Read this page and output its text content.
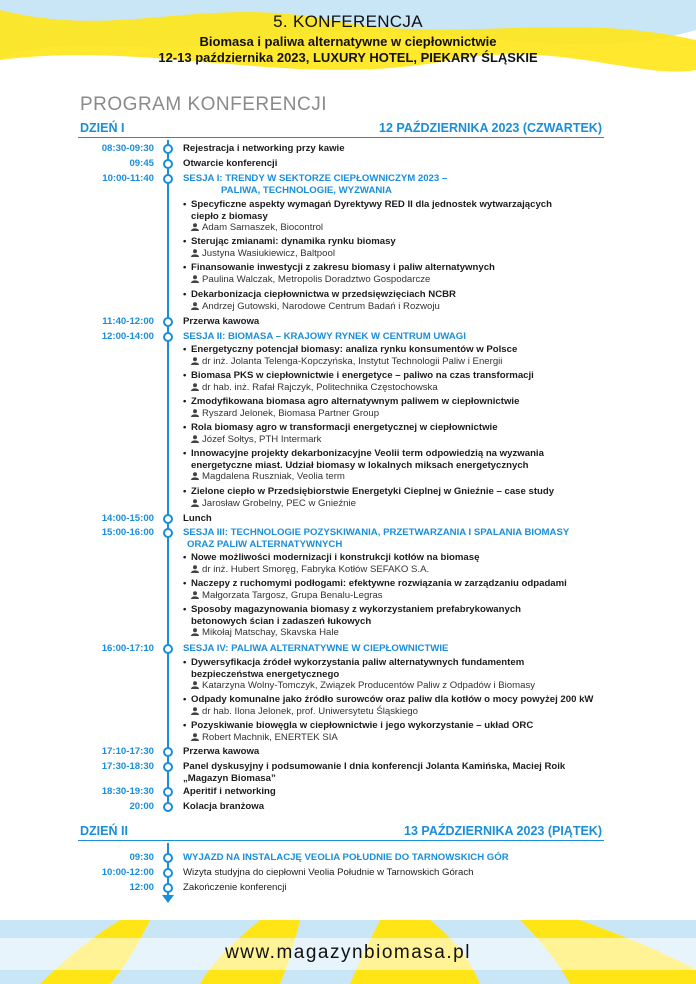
5. KONFERENCJA
Biomasa i paliwa alternatywne w ciepłownictwie
12-13 października 2023, LUXURY HOTEL, PIEKARY ŚLĄSKIE
PROGRAM KONFERENCJI
DZIEŃ I	12 PAŹDZIERNIKA 2023 (CZWARTEK)
08:30-09:30	Rejestracja i networking przy kawie
09:45	Otwarcie konferencji
10:00-11:40	SESJA I: TRENDY W SEKTORZE CIEPŁOWNICZYM 2023 –
PALIWA, TECHNOLOGIE, WYZWANIA
• Specyficzne aspekty wymagań Dyrektywy RED II dla jednostek wytwarzających
ciepło z biomasy
Adam Sarnaszek, Biocontrol
• Sterując zmianami: dynamika rynku biomasy
Justyna Wasiukiewicz, Baltpool
• Finansowanie inwestycji z zakresu biomasy i paliw alternatywnych
Paulina Walczak, Metropolis Doradztwo Gospodarcze
• Dekarbonizacja ciepłownictwa w przedsięwzięciach NCBR
Andrzej Gutowski, Narodowe Centrum Badań i Rozwoju
11:40-12:00	Przerwa kawowa
12:00-14:00	SESJA II: BIOMASA – KRAJOWY RYNEK W CENTRUM UWAGI
• Energetyczny potencjał biomasy: analiza rynku konsumentów w Polsce
dr inż. Jolanta Telenga-Kopczyńska, Instytut Technologii Paliw i Energii
• Biomasa PKS w ciepłownictwie i energetyce – paliwo na czas transformacji
dr hab. inż. Rafał Rajczyk, Politechnika Częstochowska
• Zmodyfikowana biomasa agro alternatywnym paliwem w ciepłownictwie
Ryszard Jelonek, Biomasa Partner Group
• Rola biomasy agro w transformacji energetycznej w ciepłownictwie
Józef Sołtys, PTH Intermark
• Innowacyjne projekty dekarbonizacyjne Veolii term odpowiedzią na wyzwania
energetyczne miast. Udział biomasy w lokalnych miksach energetycznych
Magdalena Rusznia​k, Veolia term
• Zielone ciepło w Przedsiębiorstwie Energetyki Cieplnej w Gnieźnie – case study
Jarosław Grobelny, PEC w Gnieźnie
14:00-15:00	Lunch
15:00-16:00	SESJA III: TECHNOLOGIE POZYSKIWANIA, PRZETWARZANIA I SPALANIA BIOMASY
ORAZ PALIW ALTERNATYWNYCH
• Nowe możliwości modernizacji i konstrukcji kotłów na biomasę
dr inż. Hubert Smoręg, Fabryka Kotłów SEFAKO S.A.
• Naczepy z ruchomymi podłogami: efektywne rozwiązania w zarządzaniu odpadami
Małgorzata Targosz, Grupa Benalu-Legras
• Sposoby magazynowania biomasy z wykorzystaniem prefabrykowanych
betonowych ścian i zadaszeń łukowych
Mikołaj Matschay, Skavska Hale
16:00-17:10	SESJA IV: PALIWA ALTERNATYWNE W CIEPŁOWNICTWIE
• Dywersyfikacja źródeł wykorzystania paliw alternatywnych fundamentem
bezpieczeństwa energetycznego
Katarzyna Wolny-Tomczyk, Związek Producentów Paliw z Odpadów i Biomasy
• Odpady komunalne jako źródło surowców oraz paliw dla kotłów o mocy powyżej 200 kW
dr hab. Ilona Jelonek, prof. Uniwersytetu Śląskiego
• Pozyskiwanie biowęgla w ciepłownictwie i jego wykorzystanie – układ ORC
Robert Machnik, ENERTEK SIA
17:10-17:30	Przerwa kawowa
17:30-18:30	Panel dyskusyjny i podsumowanie I dnia konferencji Jolanta Kamińska, Maciej Roik
„Magazyn Biomasa”
18:30-19:30	Aperitif i networking
20:00	Kolacja branżowa
DZIEŃ II	13 PAŹDZIERNIKA 2023 (PIĄTEK)
09:30	WYJAZD NA INSTALACJĘ VEOLIA POŁUDNIE DO TARNOWSKICH GÓR
10:00-12:00	Wizyta studyjna do ciepłowni Veolia Południe w Tarnowskich Górach
12:00	Zakończenie konferencji
www.magazynbiomasa.pl
